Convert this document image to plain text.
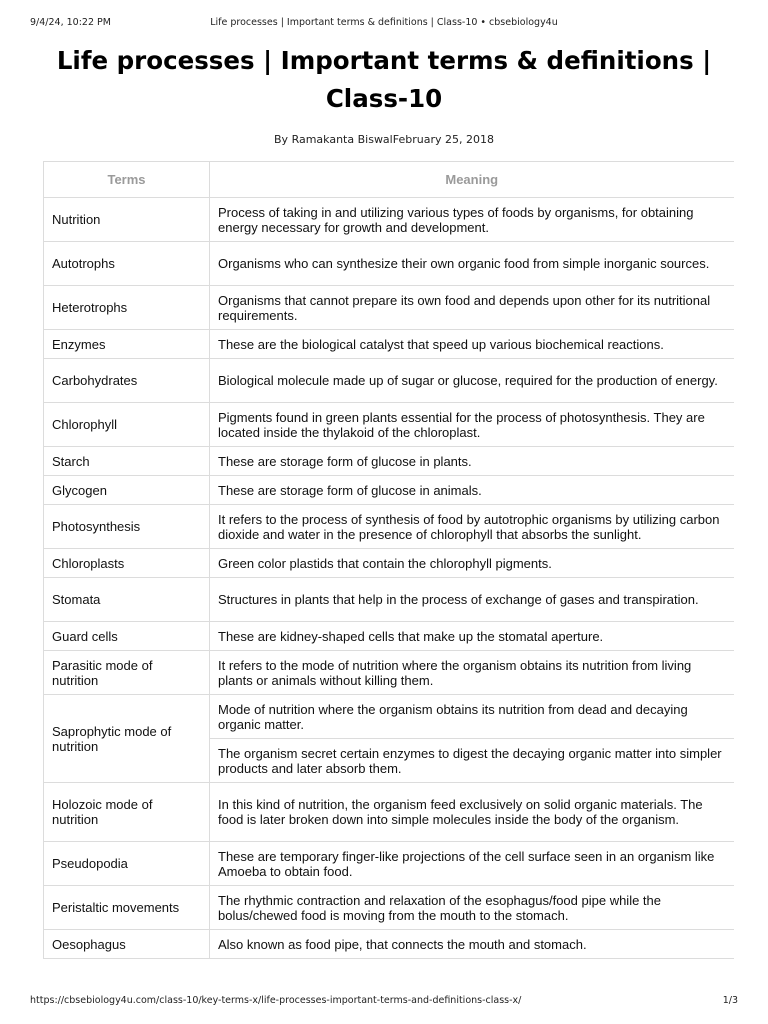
9/4/24, 10:22 PM	Life processes | Important terms & definitions | Class-10 • cbsebiology4u
Life processes | Important terms & definitions | Class-10
By Ramakanta BiswalFebruary 25, 2018
Terms	Meaning
Nutrition	Process of taking in and utilizing various types of foods by organisms, for obtaining energy necessary for growth and development.
Autotrophs	Organisms who can synthesize their own organic food from simple inorganic sources.
Heterotrophs	Organisms that cannot prepare its own food and depends upon other for its nutritional requirements.
Enzymes	These are the biological catalyst that speed up various biochemical reactions.
Carbohydrates	Biological molecule made up of sugar or glucose, required for the production of energy.
Chlorophyll	Pigments found in green plants essential for the process of photosynthesis. They are located inside the thylakoid of the chloroplast.
Starch	These are storage form of glucose in plants.
Glycogen	These are storage form of glucose in animals.
Photosynthesis	It refers to the process of synthesis of food by autotrophic organisms by utilizing carbon dioxide and water in the presence of chlorophyll that absorbs the sunlight.
Chloroplasts	Green color plastids that contain the chlorophyll pigments.
Stomata	Structures in plants that help in the process of exchange of gases and transpiration.
Guard cells	These are kidney-shaped cells that make up the stomatal aperture.
Parasitic mode of nutrition	It refers to the mode of nutrition where the organism obtains its nutrition from living plants or animals without killing them.
Saprophytic mode of nutrition	Mode of nutrition where the organism obtains its nutrition from dead and decaying organic matter.
	The organism secret certain enzymes to digest the decaying organic matter into simpler products and later absorb them.
Holozoic mode of nutrition	In this kind of nutrition, the organism feed exclusively on solid organic materials. The food is later broken down into simple molecules inside the body of the organism.
Pseudopodia	These are temporary finger-like projections of the cell surface seen in an organism like Amoeba to obtain food.
Peristaltic movements	The rhythmic contraction and relaxation of the esophagus/food pipe while the bolus/chewed food is moving from the mouth to the stomach.
Oesophagus	Also known as food pipe, that connects the mouth and stomach.
https://cbsebiology4u.com/class-10/key-terms-x/life-processes-important-terms-and-definitions-class-x/	1/3
